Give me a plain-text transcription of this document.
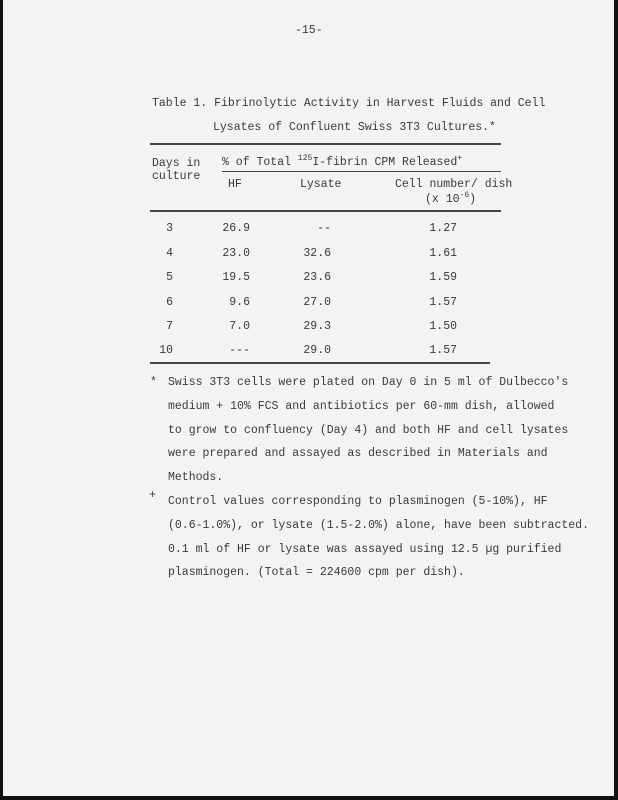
-15-
Table 1. Fibrinolytic Activity in Harvest Fluids and Cell
Lysates of Confluent Swiss 3T3 Cultures.*
Days in
culture
% of Total $^{125}$I-fibrin CPM Released+
HF	Lysate	Cell number/ dish
(x $10^{-6}$)
3	26.9	--	1.27
4	23.0	32.6	1.61
5	19.5	23.6	1.59
6	9.6	27.0	1.57
7	7.0	29.3	1.50
10	---	29.0	1.57
* Swiss 3T3 cells were plated on Day 0 in 5 ml of Dulbecco's
medium + 10% FCS and antibiotics per 60-mm dish, allowed
to grow to confluency (Day 4) and both HF and cell lysates
were prepared and assayed as described in Materials and
Methods.
+ Control values corresponding to plasminogen (5-10%), HF
(0.6-1.0%), or lysate (1.5-2.0%) alone, have been subtracted.
0.1 ml of HF or lysate was assayed using 12.5 µg purified
plasminogen. (Total = 224600 cpm per dish).
